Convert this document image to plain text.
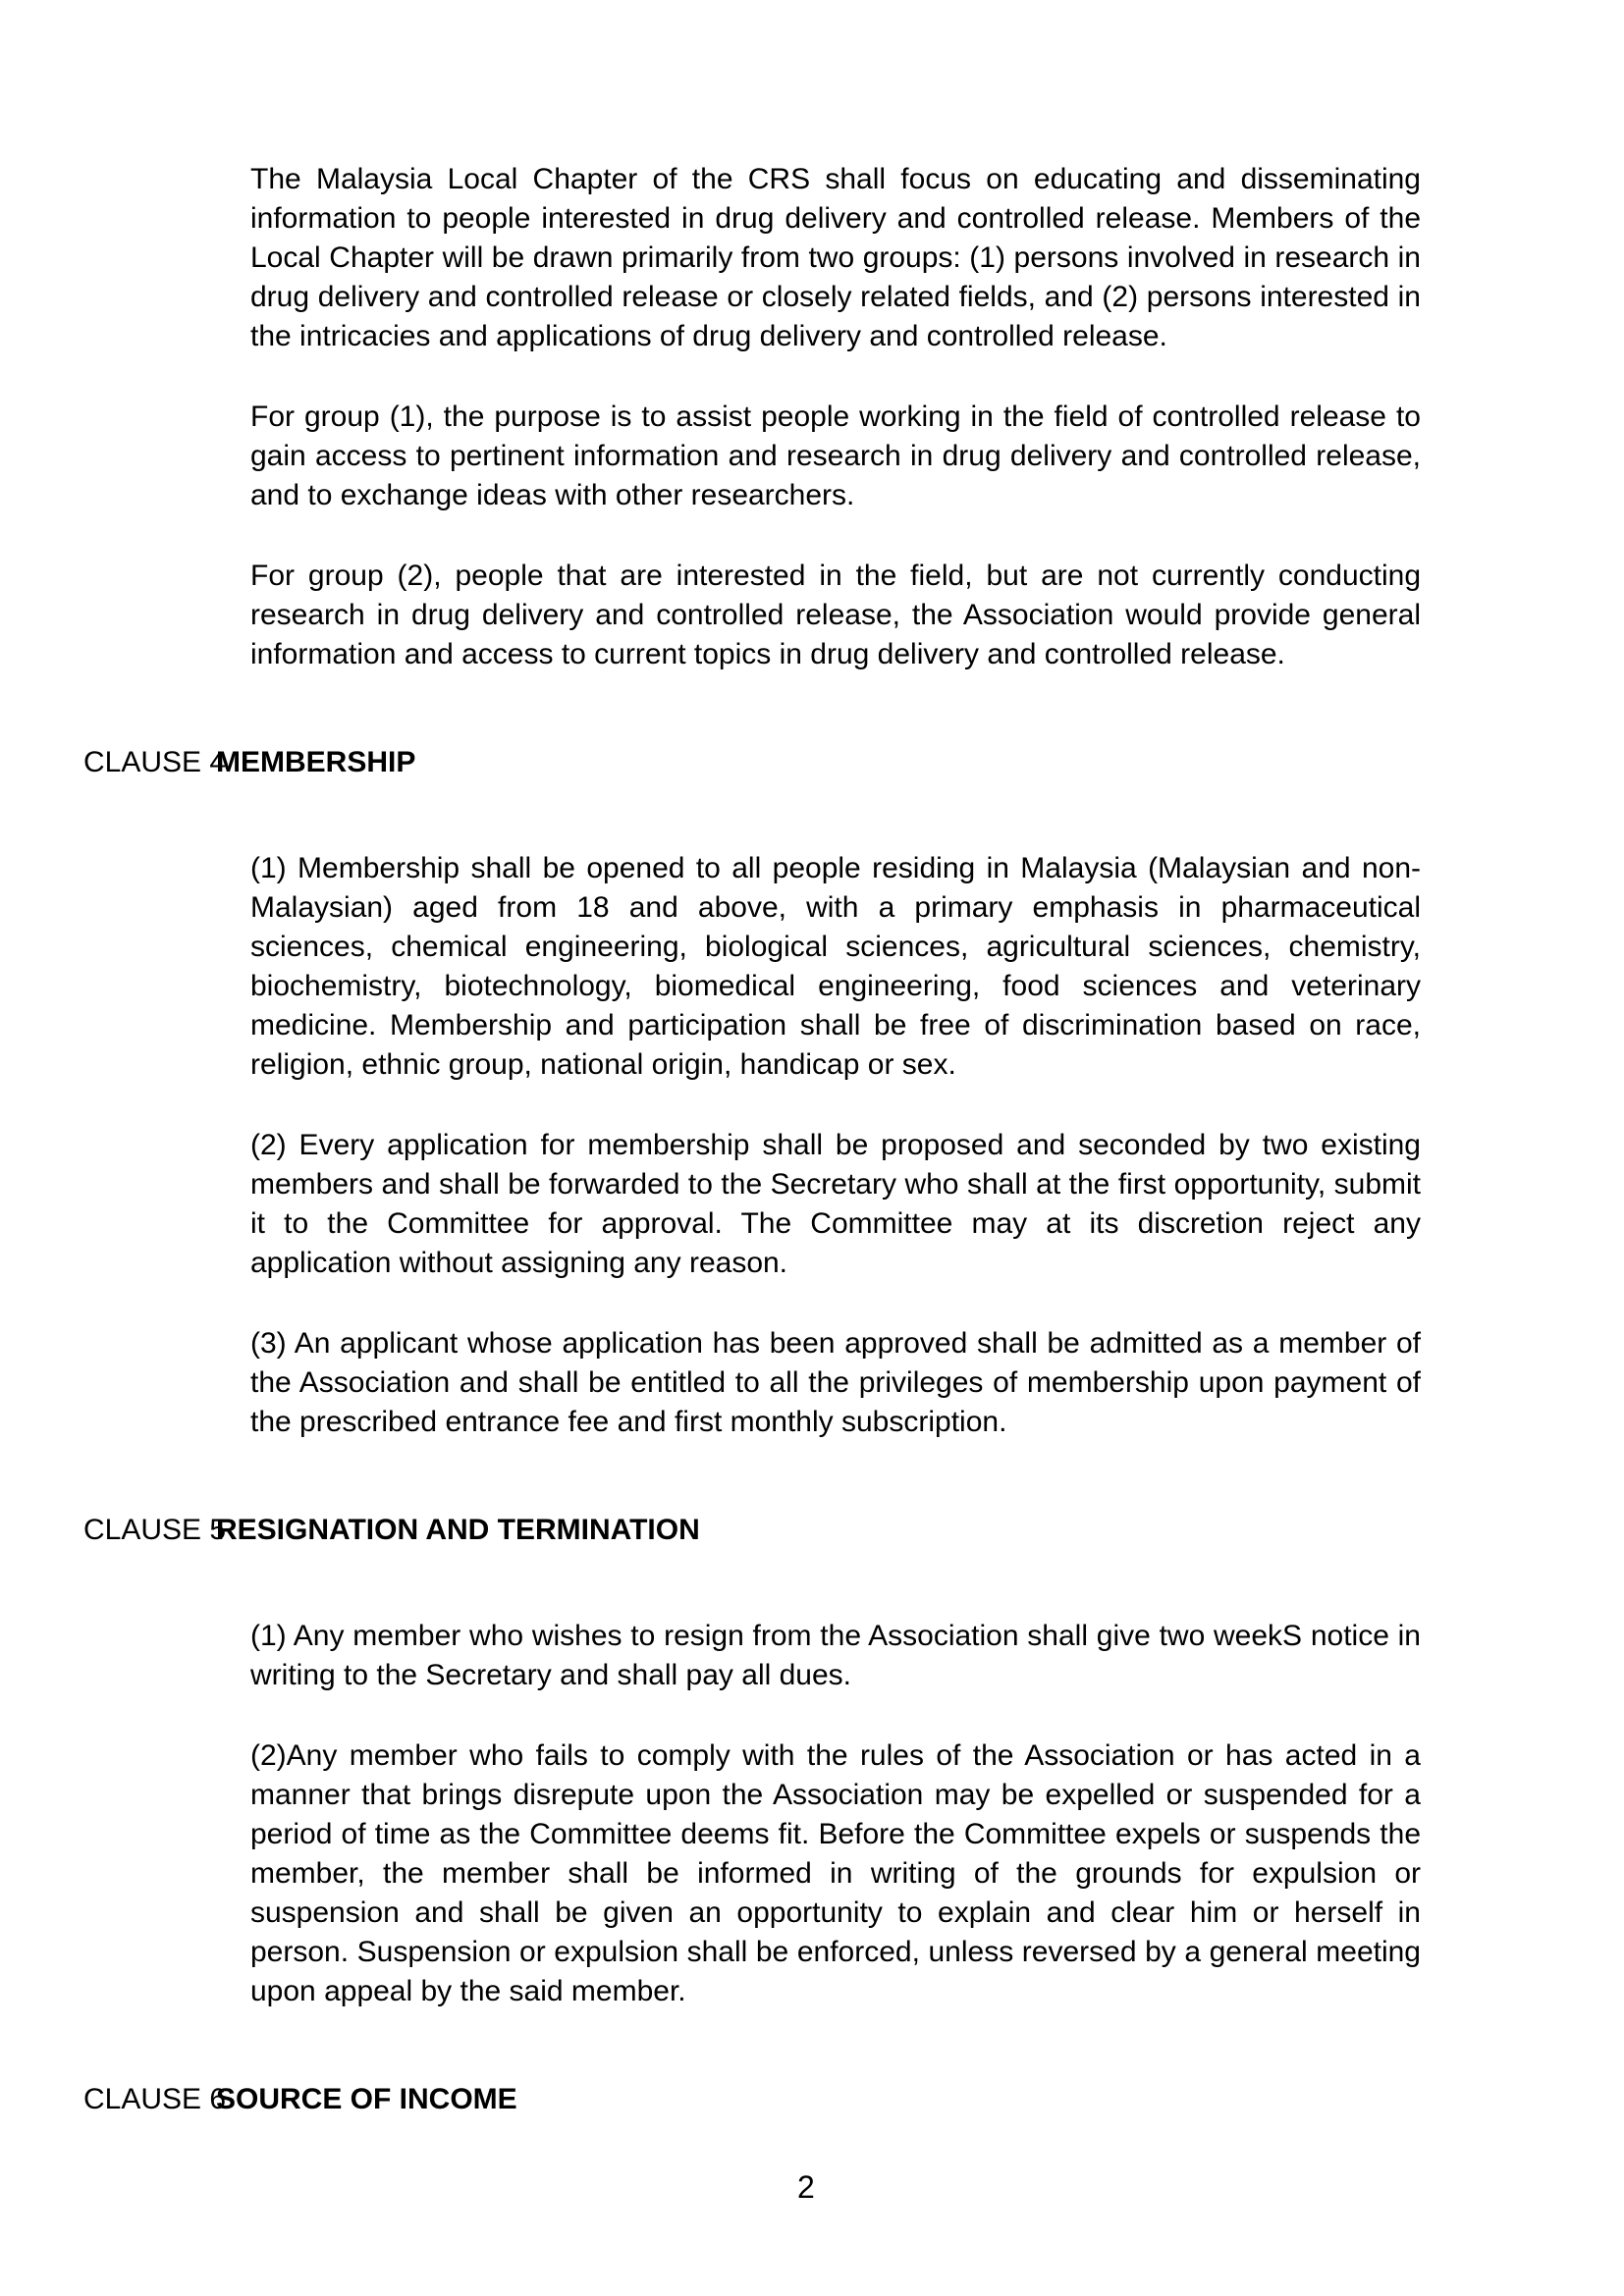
The Malaysia Local Chapter of the CRS shall focus on educating and disseminating information to people interested in drug delivery and controlled release. Members of the Local Chapter will be drawn primarily from two groups: (1) persons involved in research in drug delivery and controlled release or closely related fields, and (2) persons interested in the intricacies and applications of drug delivery and controlled release.

For group (1), the purpose is to assist people working in the field of controlled release to gain access to pertinent information and research in drug delivery and controlled release, and to exchange ideas with other researchers.

For group (2), people that are interested in the field, but are not currently conducting research in drug delivery and controlled release, the Association would provide general information and access to current topics in drug delivery and controlled release.

CLAUSE 4
MEMBERSHIP

(1) Membership shall be opened to all people residing in Malaysia (Malaysian and non-Malaysian) aged from 18 and above, with a primary emphasis in pharmaceutical sciences, chemical engineering, biological sciences, agricultural sciences, chemistry, biochemistry, biotechnology, biomedical engineering, food sciences and veterinary medicine. Membership and participation shall be free of discrimination based on race, religion, ethnic group, national origin, handicap or sex.

(2) Every application for membership shall be proposed and seconded by two existing members and shall be forwarded to the Secretary who shall at the first opportunity, submit it to the Committee for approval. The Committee may at its discretion reject any application without assigning any reason.

(3) An applicant whose application has been approved shall be admitted as a member of the Association and shall be entitled to all the privileges of membership upon payment of the prescribed entrance fee and first monthly subscription.

CLAUSE 5
RESIGNATION AND TERMINATION

(1) Any member who wishes to resign from the Association shall give two weekS notice in writing to the Secretary and shall pay all dues.

(2)Any member who fails to comply with the rules of the Association or has acted in a manner that brings disrepute upon the Association may be expelled or suspended for a period of time as the Committee deems fit. Before the Committee expels or suspends the member, the member shall be informed in writing of the grounds for expulsion or suspension and shall be given an opportunity to explain and clear him or herself in person. Suspension or expulsion shall be enforced, unless reversed by a general meeting upon appeal by the said member.

CLAUSE 6
SOURCE OF INCOME
2
